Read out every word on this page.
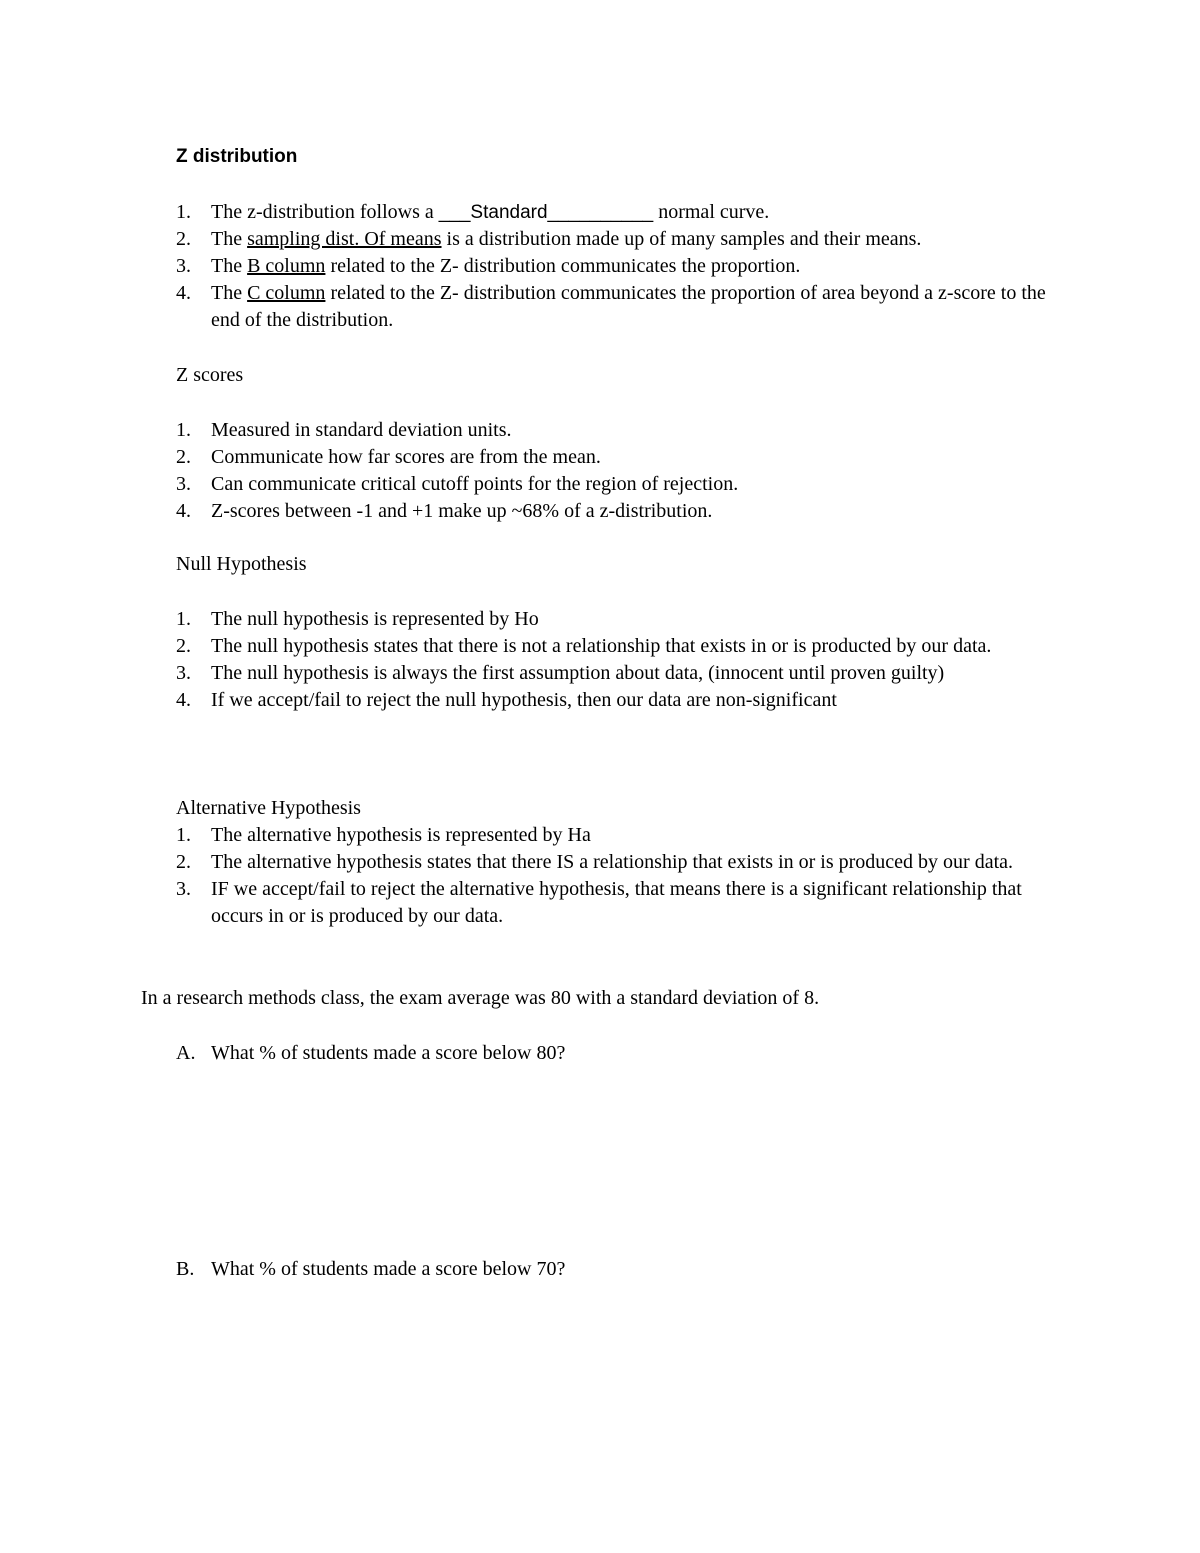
Z distribution
1. The z-distribution follows a ___Standard__________ normal curve.
2. The sampling dist. Of means is a distribution made up of many samples and their means.
3. The B column related to the Z- distribution communicates the proportion.
4. The C column related to the Z- distribution communicates the proportion of area beyond a z-score to the end of the distribution.
Z scores
1. Measured in standard deviation units.
2. Communicate how far scores are from the mean.
3. Can communicate critical cutoff points for the region of rejection.
4. Z-scores between -1 and +1 make up ~68% of a z-distribution.
Null Hypothesis
1. The null hypothesis is represented by Ho
2. The null hypothesis states that there is not a relationship that exists in or is producted by our data.
3. The null hypothesis is always the first assumption about data, (innocent until proven guilty)
4. If we accept/fail to reject the null hypothesis, then our data are non-significant
Alternative Hypothesis
1. The alternative hypothesis is represented by Ha
2. The alternative hypothesis states that there IS a relationship that exists in or is produced by our data.
3. IF we accept/fail to reject the alternative hypothesis, that means there is a significant relationship that occurs in or is produced by our data.
In a research methods class, the exam average was 80 with a standard deviation of 8.
A. What % of students made a score below 80?
B. What % of students made a score below 70?
